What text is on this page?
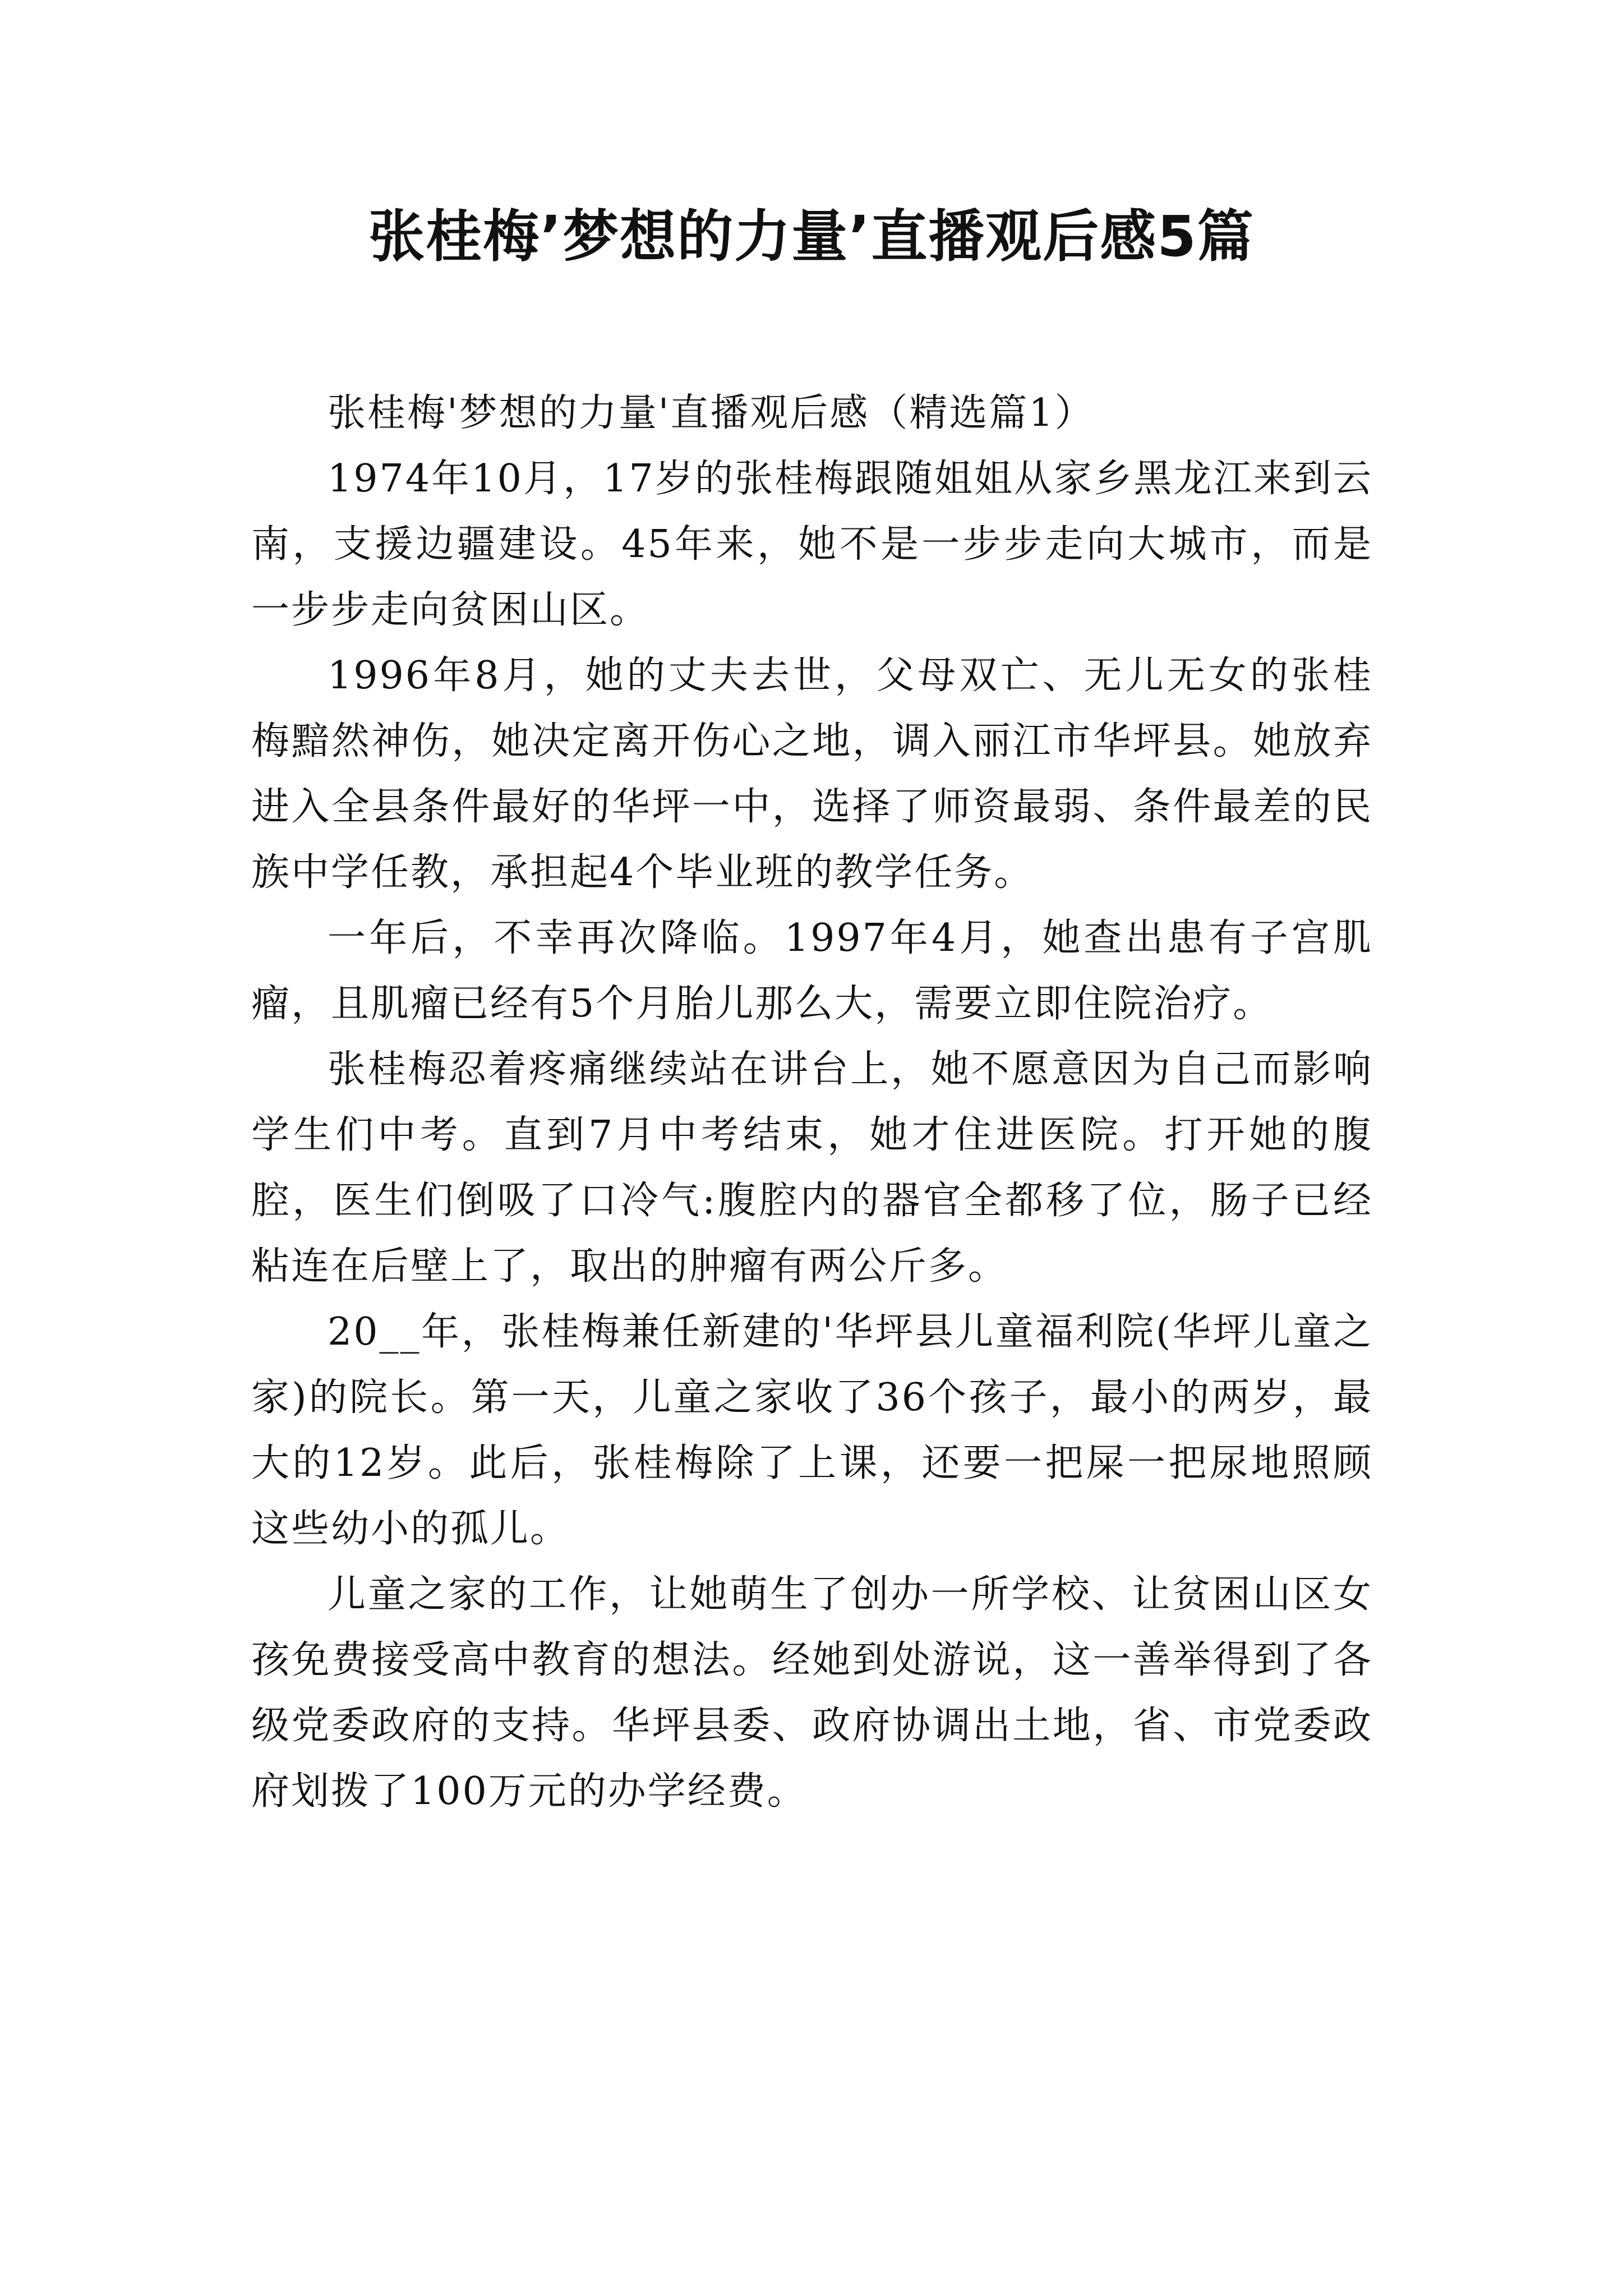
张桂梅’梦想的力量’直播观后感5篇

张桂梅'梦想的力量'直播观后感（精选篇1）

1974年10月，17岁的张桂梅跟随姐姐从家乡黑龙江来到云南，支援边疆建设。45年来，她不是一步步走向大城市，而是一步步走向贫困山区。

1996年8月，她的丈夫去世，父母双亡、无儿无女的张桂梅黯然神伤，她决定离开伤心之地，调入丽江市华坪县。她放弃进入全县条件最好的华坪一中，选择了师资最弱、条件最差的民族中学任教，承担起4个毕业班的教学任务。

一年后，不幸再次降临。1997年4月，她查出患有子宫肌瘤，且肌瘤已经有5个月胎儿那么大，需要立即住院治疗。

张桂梅忍着疼痛继续站在讲台上，她不愿意因为自己而影响学生们中考。直到7月中考结束，她才住进医院。打开她的腹腔，医生们倒吸了口冷气:腹腔内的器官全都移了位，肠子已经粘连在后壁上了，取出的肿瘤有两公斤多。

20__年，张桂梅兼任新建的'华坪县儿童福利院(华坪儿童之家)的院长。第一天，儿童之家收了36个孩子，最小的两岁，最大的12岁。此后，张桂梅除了上课，还要一把屎一把尿地照顾这些幼小的孤儿。

儿童之家的工作，让她萌生了创办一所学校、让贫困山区女孩免费接受高中教育的想法。经她到处游说，这一善举得到了各级党委政府的支持。华坪县委、政府协调出土地，省、市党委政府划拨了100万元的办学经费。
